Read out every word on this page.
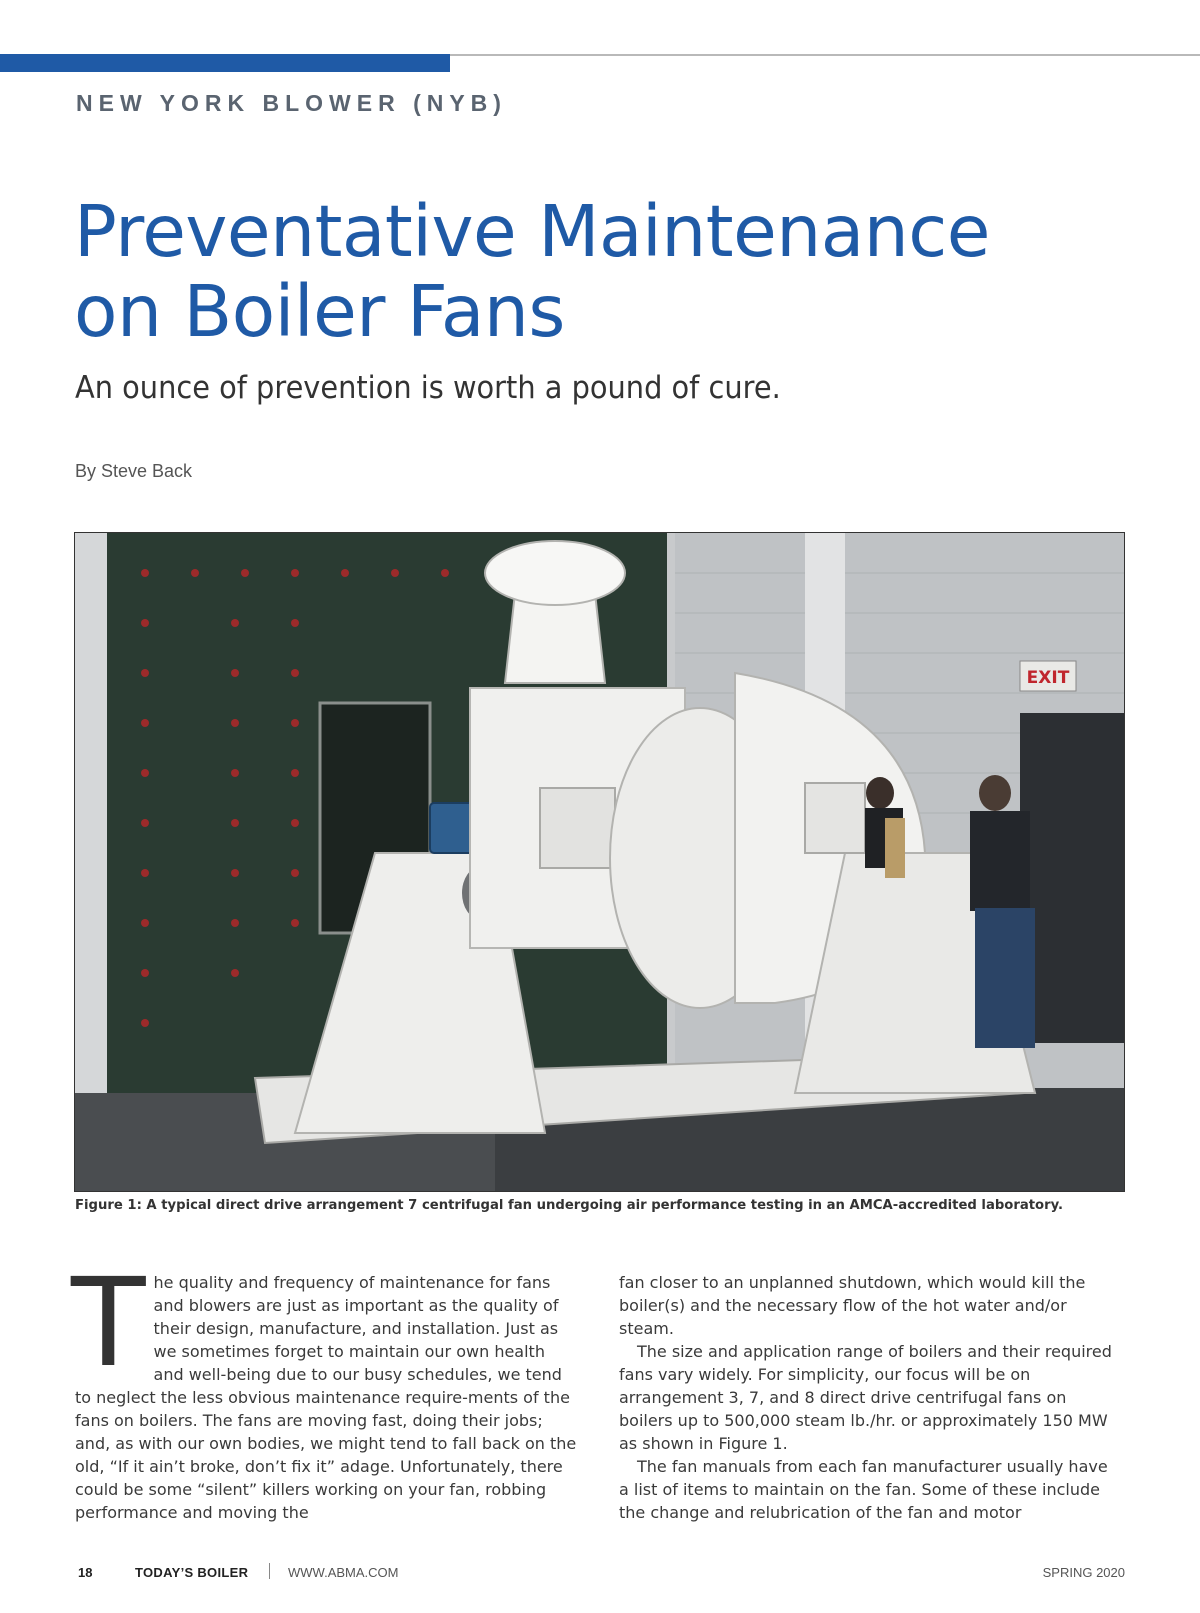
NEW YORK BLOWER (NYB)
Preventative Maintenance
on Boiler Fans
An ounce of prevention is worth a pound of cure.
By Steve Back
EXIT
Figure 1: A typical direct drive arrangement 7 centrifugal fan undergoing air performance testing in an AMCA-accredited laboratory.

The quality and frequency of maintenance for fans and blowers are just as important as the quality of their design, manufacture, and installation. Just as we sometimes forget to maintain our own health and well-being due to our busy schedules, we tend to neglect the less obvious maintenance require-ments of the fans on boilers. The fans are moving fast, doing their jobs; and, as with our own bodies, we might tend to fall back on the old, “If it ain’t broke, don’t fix it” adage. Unfortunately, there could be some “silent” killers working on your fan, robbing performance and moving the

fan closer to an unplanned shutdown, which would kill the boiler(s) and the necessary flow of the hot water and/or steam.

The size and application range of boilers and their required fans vary widely. For simplicity, our focus will be on arrangement 3, 7, and 8 direct drive centrifugal fans on boilers up to 500,000 steam lb./hr. or approximately 150 MW as shown in Figure 1.

The fan manuals from each fan manufacturer usually have a list of items to maintain on the fan. Some of these include the change and relubrication of the fan and motor

18	TODAY’S BOILER	WWW.ABMA.COM	SPRING 2020
